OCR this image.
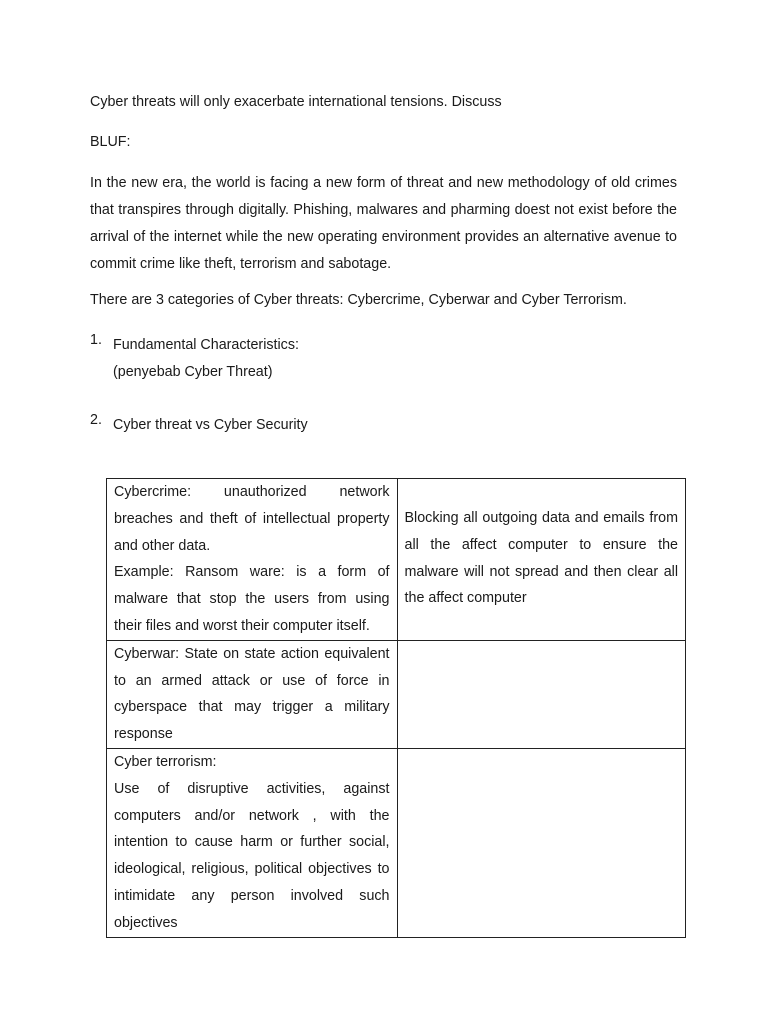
Cyber threats will only exacerbate international tensions. Discuss
BLUF:

In the new era, the world is facing a new form of threat and new methodology of old crimes that transpires through digitally. Phishing, malwares and pharming doest not exist before the arrival of the internet while the new operating environment provides an alternative avenue to commit crime like theft, terrorism and sabotage.

There are 3 categories of Cyber threats: Cybercrime, Cyberwar and Cyber Terrorism.
1. Fundamental Characteristics:
(penyebab Cyber Threat)
2. Cyber threat vs Cyber Security
Cybercrime: unauthorized network breaches and theft of intellectual property and other data.
Example: Ransom ware: is a form of malware that stop the users from using their files and worst their computer itself.	Blocking all outgoing data and emails from all the affect computer to ensure the malware will not spread and then clear all the affect computer

Cyberwar: State on state action equivalent to an armed attack or use of force in cyberspace that may trigger a military response	

Cyber terrorism:
Use of disruptive activities, against computers and/or network , with the intention to cause harm or further social, ideological, religious, political objectives to intimidate any person involved such objectives	
